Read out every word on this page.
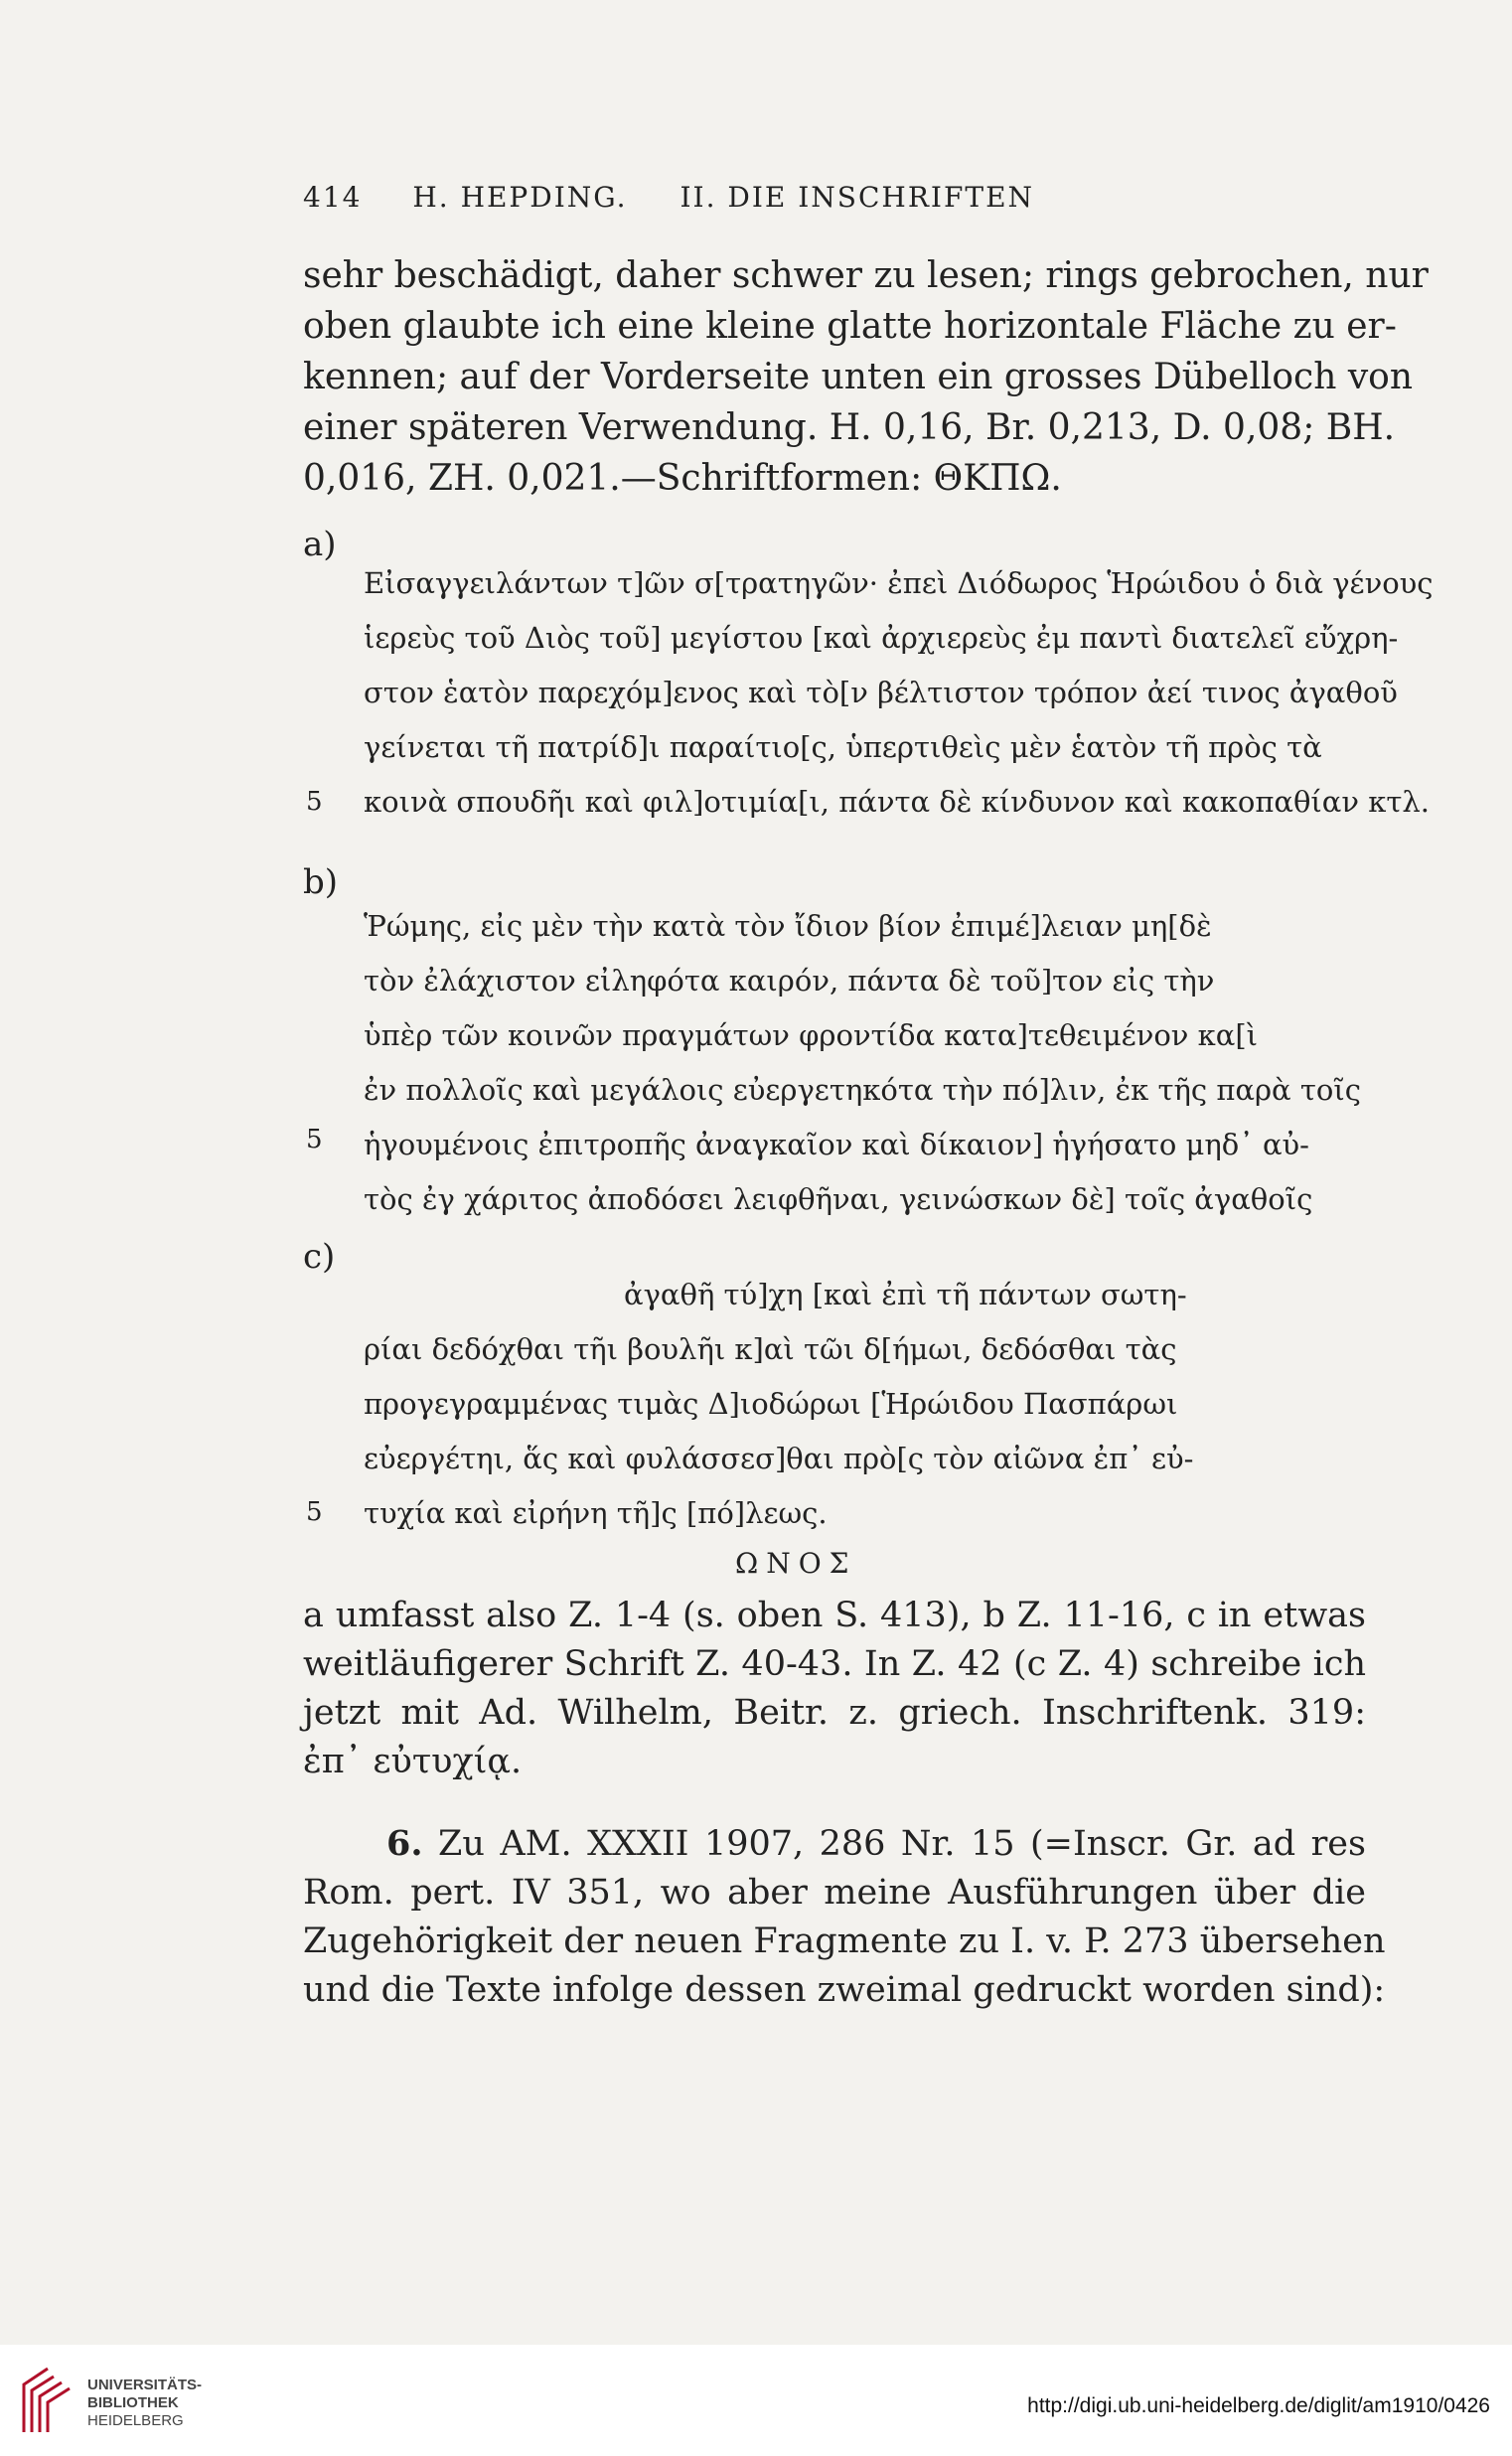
414 H. HEPDING. II. DIE INSCHRIFTEN
sehr beschädigt, daher schwer zu lesen; rings gebrochen, nur
oben glaubte ich eine kleine glatte horizontale Fläche zu er-
kennen; auf der Vorderseite unten ein grosses Dübelloch von
einer späteren Verwendung. H. 0,16, Br. 0,213, D. 0,08; BH.
0,016, ZH. 0,021.—Schriftformen: ΘΚΠΩ.
a)
Εἰσαγγειλάντων τ]ῶν σ[τρατηγῶν· ἐπεὶ Διόδωρος Ἡρώιδου ὁ διὰ γένους
ἱερεὺς τοῦ Διὸς τοῦ] μεγίστου [καὶ ἀρχιερεὺς ἐμ παντὶ διατελεῖ εὔχρη-
στον ἑατὸν παρεχόμ]ενος καὶ τὸ[ν βέλτιστον τρόπον ἀεί τινος ἀγαθοῦ
γείνεται τῆ πατρίδ]ι παραίτιο[ς, ὑπερτιθεὶς μὲν ἑατὸν τῆ πρὸς τὰ
κοινὰ σπουδῆι καὶ φιλ]οτιμία[ι, πάντα δὲ κίνδυνον καὶ κακοπαθίαν κτλ.
5
b)
Ῥώμης, εἰς μὲν τὴν κατὰ τὸν ἴδιον βίον ἐπιμέ]λειαν μη[δὲ
τὸν ἐλάχιστον εἰληφότα καιρόν, πάντα δὲ τοῦ]τον εἰς τὴν
ὑπὲρ τῶν κοινῶν πραγμάτων φροντίδα κατα]τεθειμένον κα[ὶ
ἐν πολλοῖς καὶ μεγάλοις εὐεργετηκότα τὴν πό]λιν, ἐκ τῆς παρὰ τοῖς
ἡγουμένοις ἐπιτροπῆς ἀναγκαῖον καὶ δίκαιον] ἡγήσατο μηδ᾽ αὐ-
τὸς ἐγ χάριτος ἀποδόσει λειφθῆναι, γεινώσκων δὲ] τοῖς ἀγαθοῖς
5
c)
ἀγαθῆ τύ]χη [καὶ ἐπὶ τῆ πάντων σωτη-
ρίαι δεδόχθαι τῆι βουλῆι κ]αὶ τῶι δ[ήμωι, δεδόσθαι τὰς
προγεγραμμένας τιμὰς Δ]ιοδώρωι [Ἡρώιδου Πασπάρωι
εὐεργέτηι, ἅς καὶ φυλάσσεσ]θαι πρὸ[ς τὸν αἰῶνα ἐπ᾽ εὐ-
τυχία καὶ εἰρήνη τῆ]ς [πό]λεως.
5
ΩΝΟΣ
a umfasst also Z. 1-4 (s. oben S. 413), b Z. 11-16, c in etwas
weitläufigerer Schrift Z. 40-43. In Z. 42 (c Z. 4) schreibe ich
jetzt mit Ad. Wilhelm, Beitr. z. griech. Inschriftenk. 319:
ἐπ᾽ εὐτυχίᾳ.
6. Zu AM. XXXII 1907, 286 Nr. 15 (=Inscr. Gr. ad res
Rom. pert. IV 351, wo aber meine Ausführungen über die
Zugehörigkeit der neuen Fragmente zu I. v. P. 273 übersehen
und die Texte infolge dessen zweimal gedruckt worden sind):
UNIVERSITÄTS-
BIBLIOTHEK
HEIDELBERG
http://digi.ub.uni-heidelberg.de/diglit/am1910/0426
